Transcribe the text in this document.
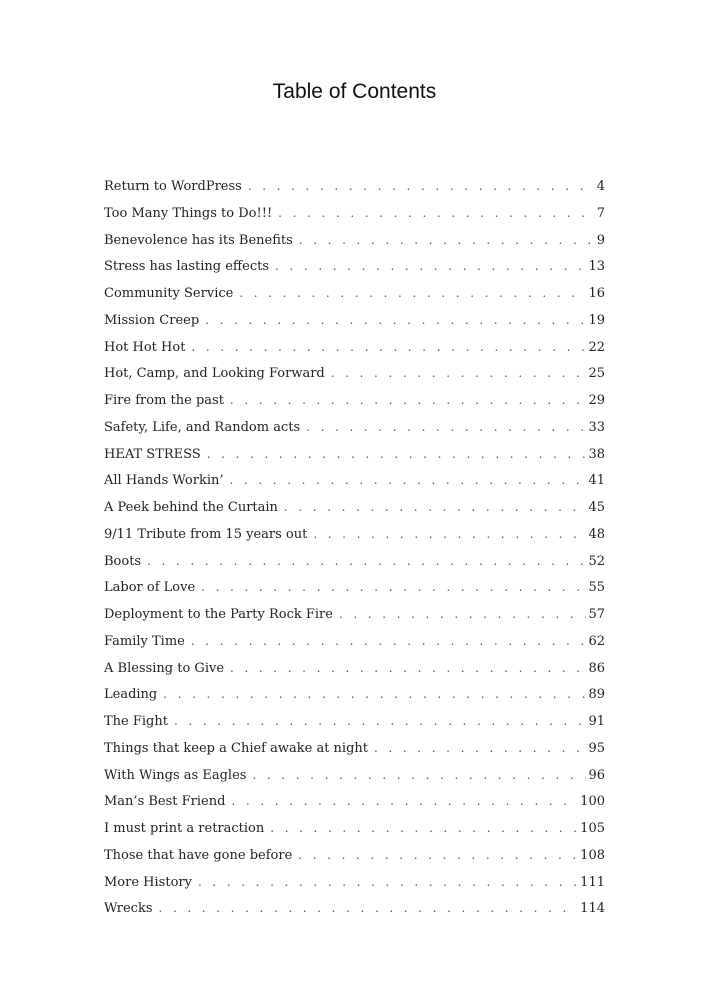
Table of Contents
Return to WordPress . . .	4
Too Many Things to Do!!! . . .	7
Benevolence has its Benefits . . .	9
Stress has lasting effects . . .	13
Community Service . . .	16
Mission Creep . . .	19
Hot Hot Hot . . .	22
Hot, Camp, and Looking Forward . . .	25
Fire from the past . . .	29
Safety, Life, and Random acts . . .	33
HEAT STRESS . . .	38
All Hands Workin’ . . .	41
A Peek behind the Curtain . . .	45
9/11 Tribute from 15 years out . . .	48
Boots . . .	52
Labor of Love . . .	55
Deployment to the Party Rock Fire . . .	57
Family Time . . .	62
A Blessing to Give . . .	86
Leading . . .	89
The Fight . . .	91
Things that keep a Chief awake at night . . .	95
With Wings as Eagles . . .	96
Man’s Best Friend . . .	100
I must print a retraction . . .	105
Those that have gone before . . .	108
More History . . .	111
Wrecks . . .	114
